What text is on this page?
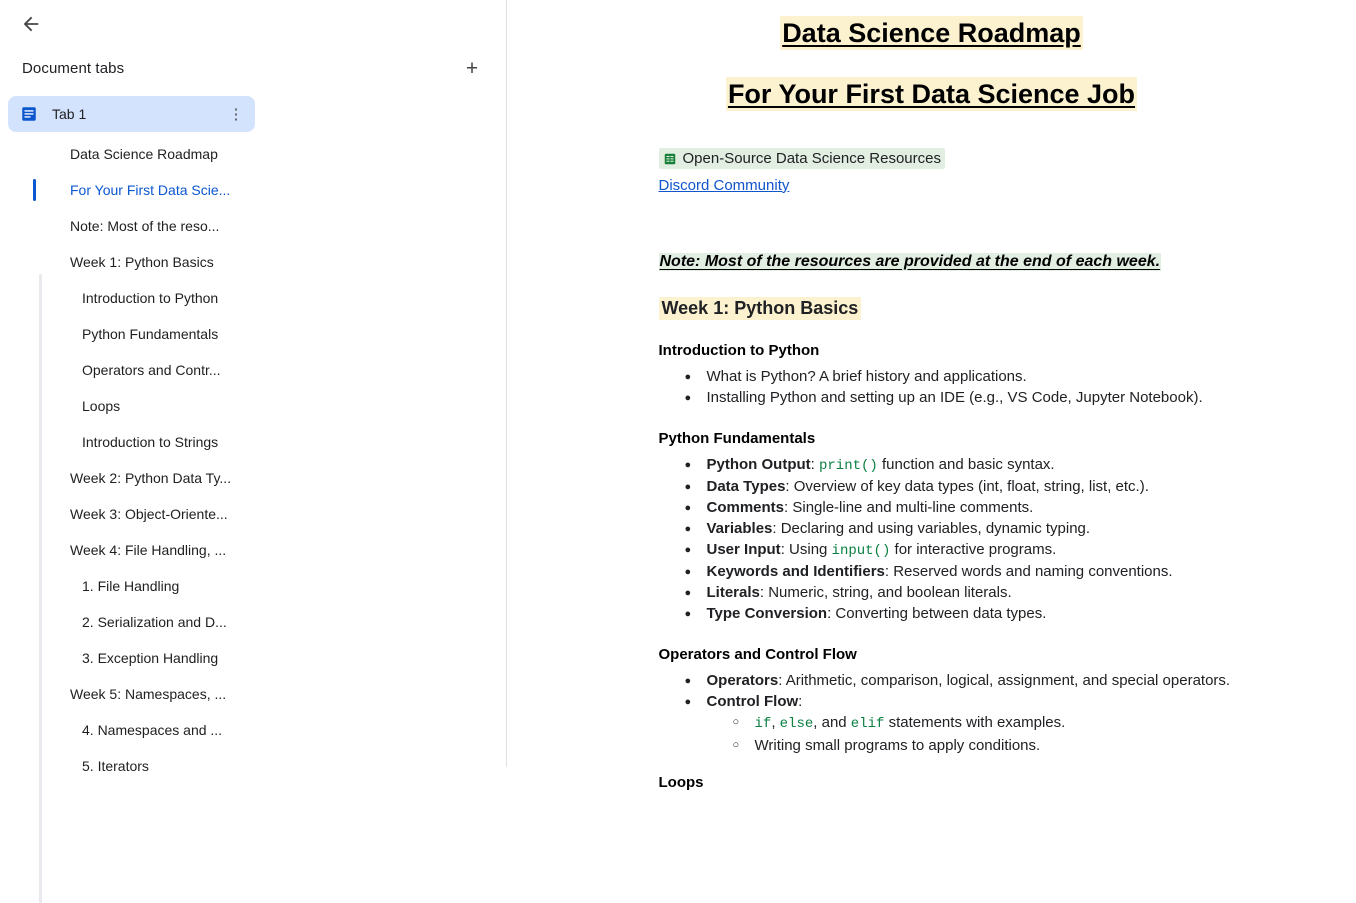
Document tabs	+
Tab 1	⋮
Data Science Roadmap
For Your First Data Scie...
Note: Most of the reso...
Week 1: Python Basics
Introduction to Python
Python Fundamentals
Operators and Contr...
Loops
Introduction to Strings
Week 2: Python Data Ty...
Week 3: Object-Oriente...
Week 4: File Handling, ...
1. File Handling
2. Serialization and D...
3. Exception Handling
Week 5: Namespaces, ...
4. Namespaces and ...
5. Iterators
Data Science Roadmap
For Your First Data Science Job
Open-Source Data Science Resources
Discord Community Note: Most of the resources are provided at the end of each week. Week 1: Python Basics
Introduction to Python
● What is Python? A brief history and applications.
● Installing Python and setting up an IDE (e.g., VS Code, Jupyter Notebook).
Python Fundamentals
● Python Output: print() function and basic syntax.
● Data Types: Overview of key data types (int, float, string, list, etc.).
● Comments: Single-line and multi-line comments.
● Variables: Declaring and using variables, dynamic typing.
● User Input: Using input() for interactive programs.
● Keywords and Identifiers: Reserved words and naming conventions.
● Literals: Numeric, string, and boolean literals.
● Type Conversion: Converting between data types.
Operators and Control Flow
● Operators: Arithmetic, comparison, logical, assignment, and special operators.
● Control Flow:
○ if, else, and elif statements with examples.
○ Writing small programs to apply conditions.
Loops
